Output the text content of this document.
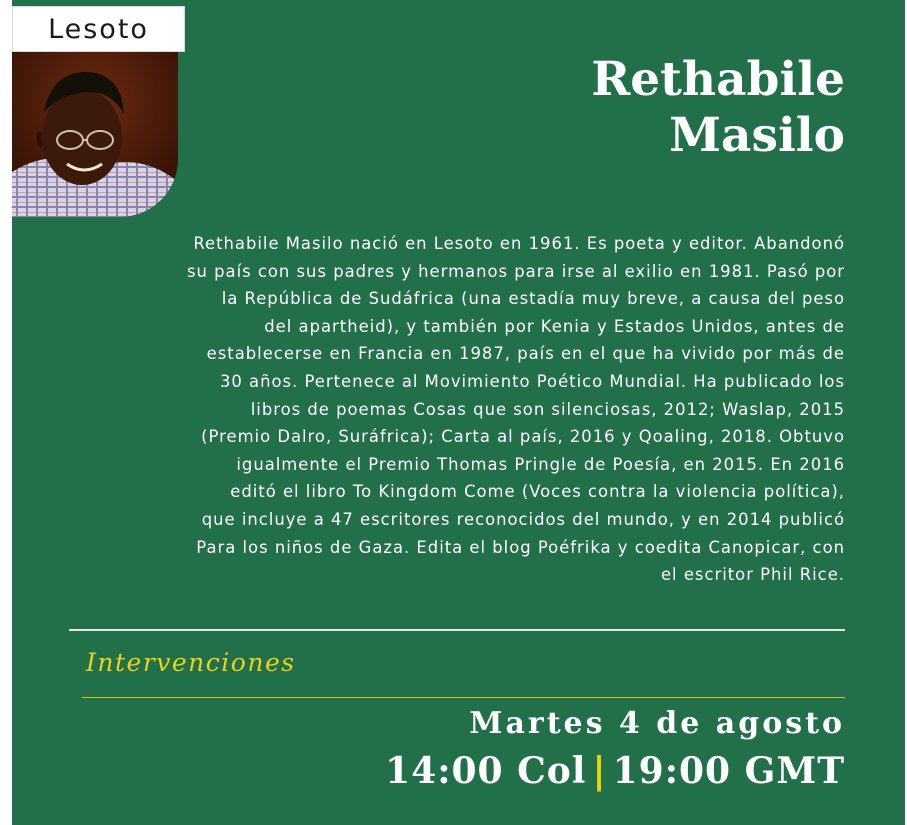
Lesoto
Rethabile
Masilo
Rethabile Masilo nació en Lesoto en 1961. Es poeta y editor. Abandonó
su país con sus padres y hermanos para irse al exilio en 1981. Pasó por
la República de Sudáfrica (una estadía muy breve, a causa del peso
del apartheid), y también por Kenia y Estados Unidos, antes de
establecerse en Francia en 1987, país en el que ha vivido por más de
30 años. Pertenece al Movimiento Poético Mundial. Ha publicado los
libros de poemas Cosas que son silenciosas, 2012; Waslap, 2015
(Premio Dalro, Suráfrica); Carta al país, 2016 y Qoaling, 2018. Obtuvo
igualmente el Premio Thomas Pringle de Poesía, en 2015. En 2016
editó el libro To Kingdom Come (Voces contra la violencia política),
que incluye a 47 escritores reconocidos del mundo, y en 2014 publicó
Para los niños de Gaza. Edita el blog Poéfrika y coedita Canopicar, con
el escritor Phil Rice.
Intervenciones
Martes 4 de agosto
14:00 Col | 19:00 GMT
